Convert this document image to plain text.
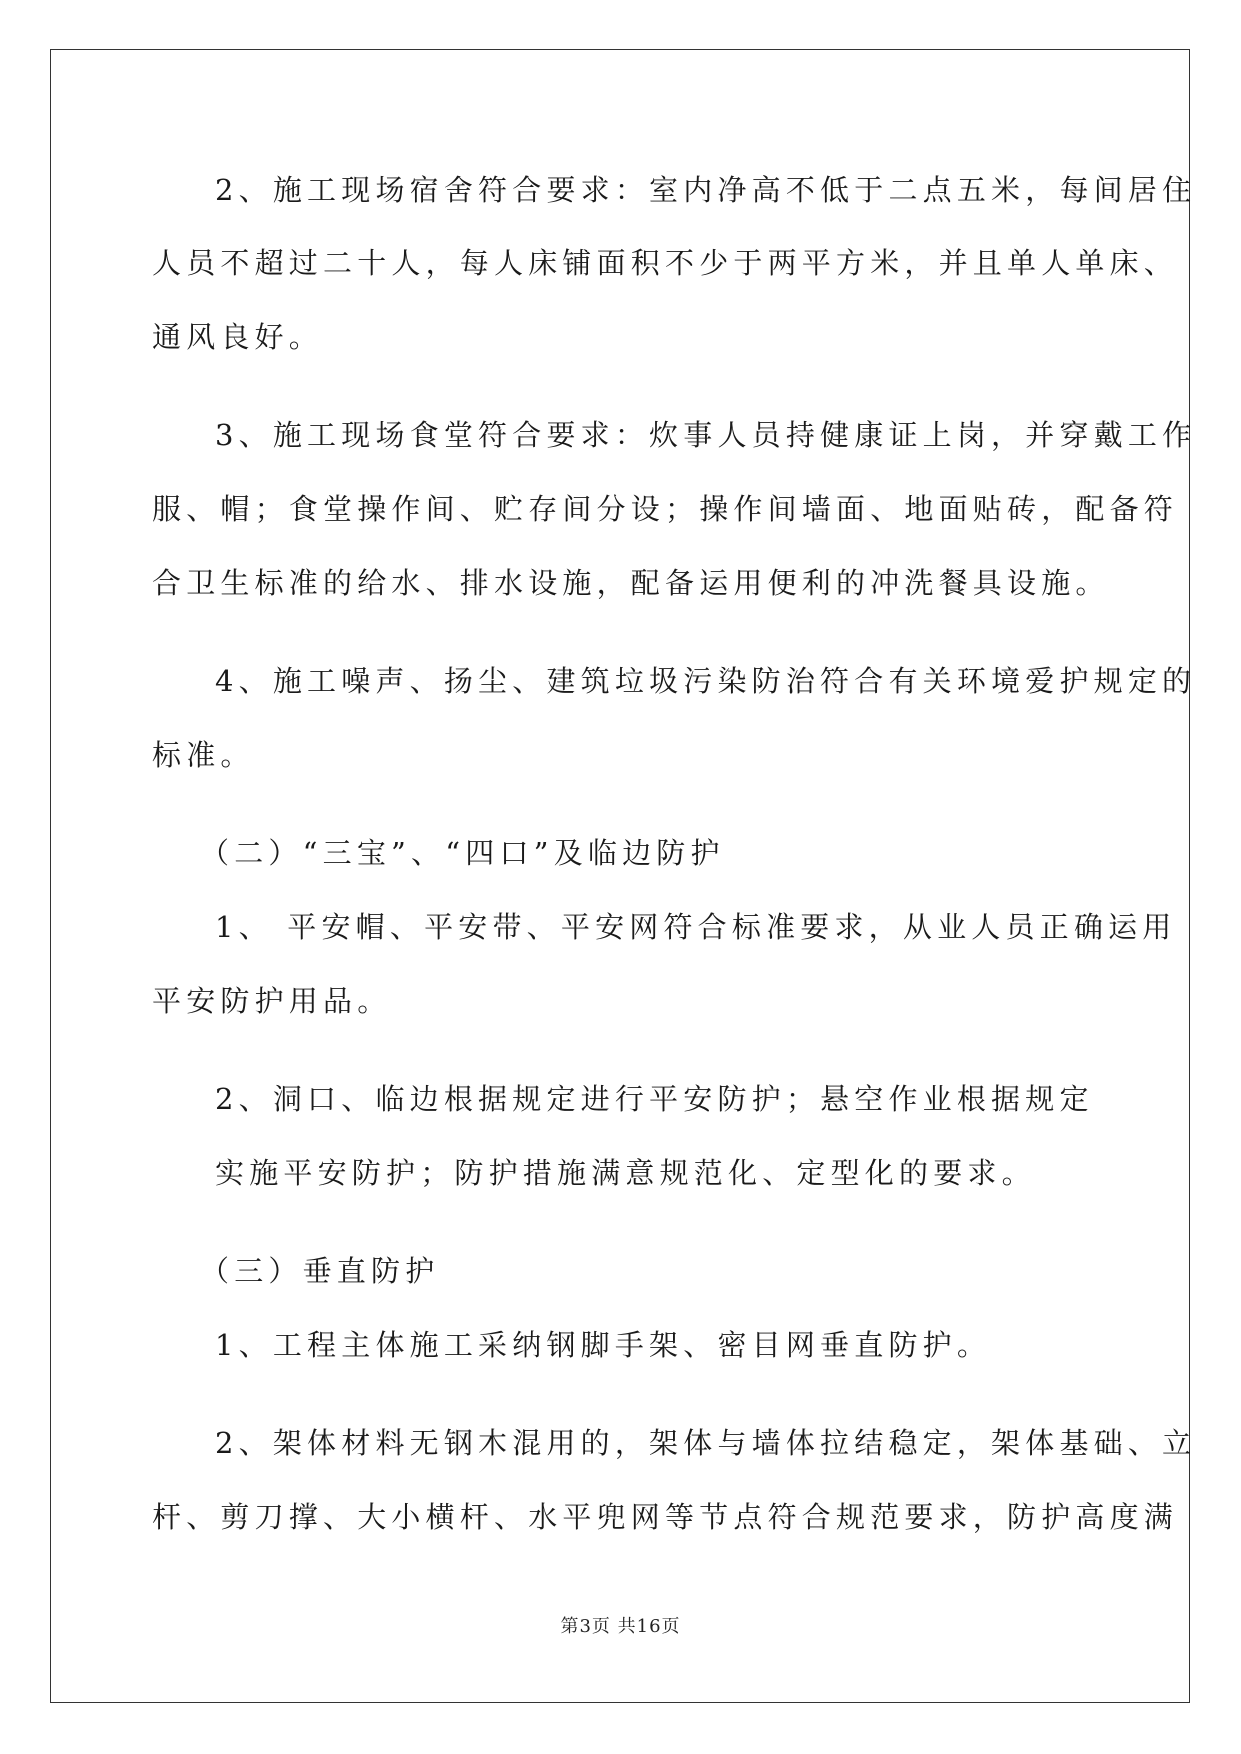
2、施工现场宿舍符合要求：室内净高不低于二点五米，每间居住
人员不超过二十人，每人床铺面积不少于两平方米，并且单人单床、
通风良好。
3、施工现场食堂符合要求：炊事人员持健康证上岗，并穿戴工作
服、帽；食堂操作间、贮存间分设；操作间墙面、地面贴砖，配备符
合卫生标准的给水、排水设施，配备运用便利的冲洗餐具设施。
4、施工噪声、扬尘、建筑垃圾污染防治符合有关环境爱护规定的
标准。
（二）“三宝”、“四口”及临边防护
1、 平安帽、平安带、平安网符合标准要求，从业人员正确运用
平安防护用品。
2、洞口、临边根据规定进行平安防护；悬空作业根据规定
实施平安防护；防护措施满意规范化、定型化的要求。
（三）垂直防护
1、工程主体施工采纳钢脚手架、密目网垂直防护。
2、架体材料无钢木混用的，架体与墙体拉结稳定，架体基础、立
杆、剪刀撑、大小横杆、水平兜网等节点符合规范要求，防护高度满
第3页 共16页
